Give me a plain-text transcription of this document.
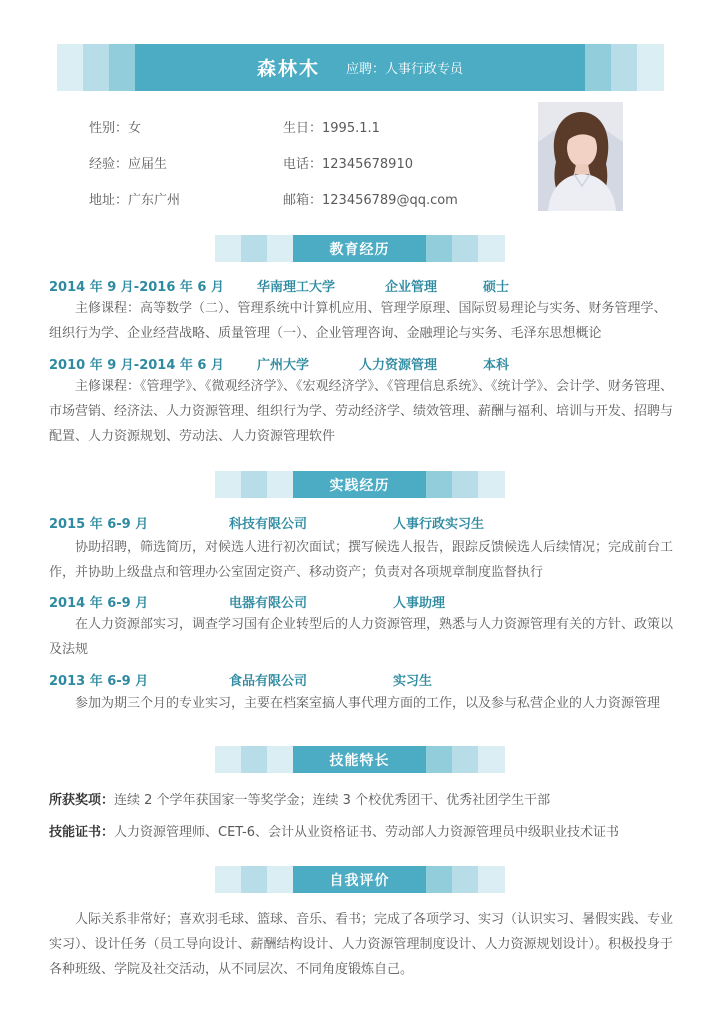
森林木 应聘：人事行政专员
性别：女	生日：1995.1.1
经验：应届生	电话：12345678910
地址：广东广州	邮箱：123456789@qq.com
教育经历
2014 年 9 月-2016 年 6 月	华南理工大学	企业管理	硕士
主修课程：高等数学（二）、管理系统中计算机应用、管理学原理、国际贸易理论与实务、财务管理学、组织行为学、企业经营战略、质量管理（一）、企业管理咨询、金融理论与实务、毛泽东思想概论
2010 年 9 月-2014 年 6 月	广州大学	人力资源管理	本科
主修课程：《管理学》、《微观经济学》、《宏观经济学》、《管理信息系统》、《统计学》、会计学、财务管理、市场营销、经济法、人力资源管理、组织行为学、劳动经济学、绩效管理、薪酬与福利、培训与开发、招聘与配置、人力资源规划、劳动法、人力资源管理软件
实践经历
2015 年 6-9 月	科技有限公司	人事行政实习生
协助招聘，筛选简历，对候选人进行初次面试；撰写候选人报告，跟踪反馈候选人后续情况；完成前台工作，并协助上级盘点和管理办公室固定资产、移动资产；负责对各项规章制度监督执行
2014 年 6-9 月	电器有限公司	人事助理
在人力资源部实习，调查学习国有企业转型后的人力资源管理，熟悉与人力资源管理有关的方针、政策以及法规
2013 年 6-9 月	食品有限公司	实习生
参加为期三个月的专业实习，主要在档案室搞人事代理方面的工作，以及参与私营企业的人力资源管理
技能特长
所获奖项：连续 2 个学年获国家一等奖学金；连续 3 个校优秀团干、优秀社团学生干部
技能证书：人力资源管理师、CET-6、会计从业资格证书、劳动部人力资源管理员中级职业技术证书
自我评价
人际关系非常好；喜欢羽毛球、篮球、音乐、看书；完成了各项学习、实习（认识实习、暑假实践、专业实习）、设计任务（员工导向设计、薪酬结构设计、人力资源管理制度设计、人力资源规划设计）。积极投身于各种班级、学院及社交活动，从不同层次、不同角度锻炼自己。
